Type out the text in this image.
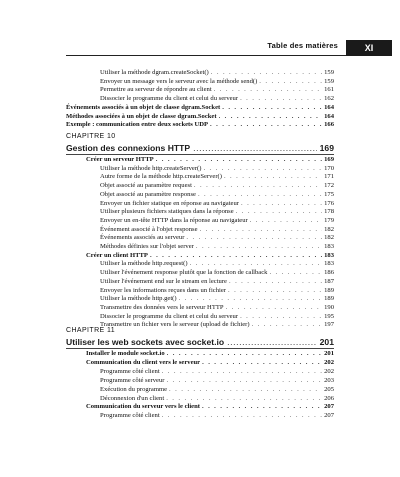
Table des matières	XI
Utiliser la méthode dgram.createSocket() . . .	159
Envoyer un message vers le serveur avec la méthode send() . . .	159
Permettre au serveur de répondre au client . . .	161
Dissocier le programme du client et celui du serveur . . .	162
Événements associés à un objet de classe dgram.Socket . . .	164
Méthodes associées à un objet de classe dgram.Socket . . .	164
Exemple : communication entre deux sockets UDP . . .	166
CHAPITRE 10
Gestion des connexions HTTP .....	169
Créer un serveur HTTP . . .	169
Utiliser la méthode http.createServer() . . .	170
Autre forme de la méthode http.createServer() . . .	171
Objet associé au paramètre request . . .	172
Objet associé au paramètre response . . .	175
Envoyer un fichier statique en réponse au navigateur . . .	176
Utiliser plusieurs fichiers statiques dans la réponse . . .	178
Envoyer un en-tête HTTP dans la réponse au navigateur . . .	179
Événement associé à l'objet response . . .	182
Événements associés au serveur . . .	182
Méthodes définies sur l'objet server . . .	183
Créer un client HTTP . . .	183
Utiliser la méthode http.request() . . .	183
Utiliser l'événement response plutôt que la fonction de callback . . .	186
Utiliser l'événement end sur le stream en lecture . . .	187
Envoyer les informations reçues dans un fichier . . .	189
Utiliser la méthode http.get() . . .	189
Transmettre des données vers le serveur HTTP . . .	190
Dissocier le programme du client et celui du serveur . . .	195
Transmettre un fichier vers le serveur (upload de fichier) . . .	197
CHAPITRE 11
Utiliser les web sockets avec socket.io .....	201
Installer le module socket.io . . .	201
Communication du client vers le serveur . . .	202
Programme côté client . . .	202
Programme côté serveur . . .	203
Exécution du programme . . .	205
Déconnexion d'un client . . .	206
Communication du serveur vers le client . . .	207
Programme côté client . . .	207
